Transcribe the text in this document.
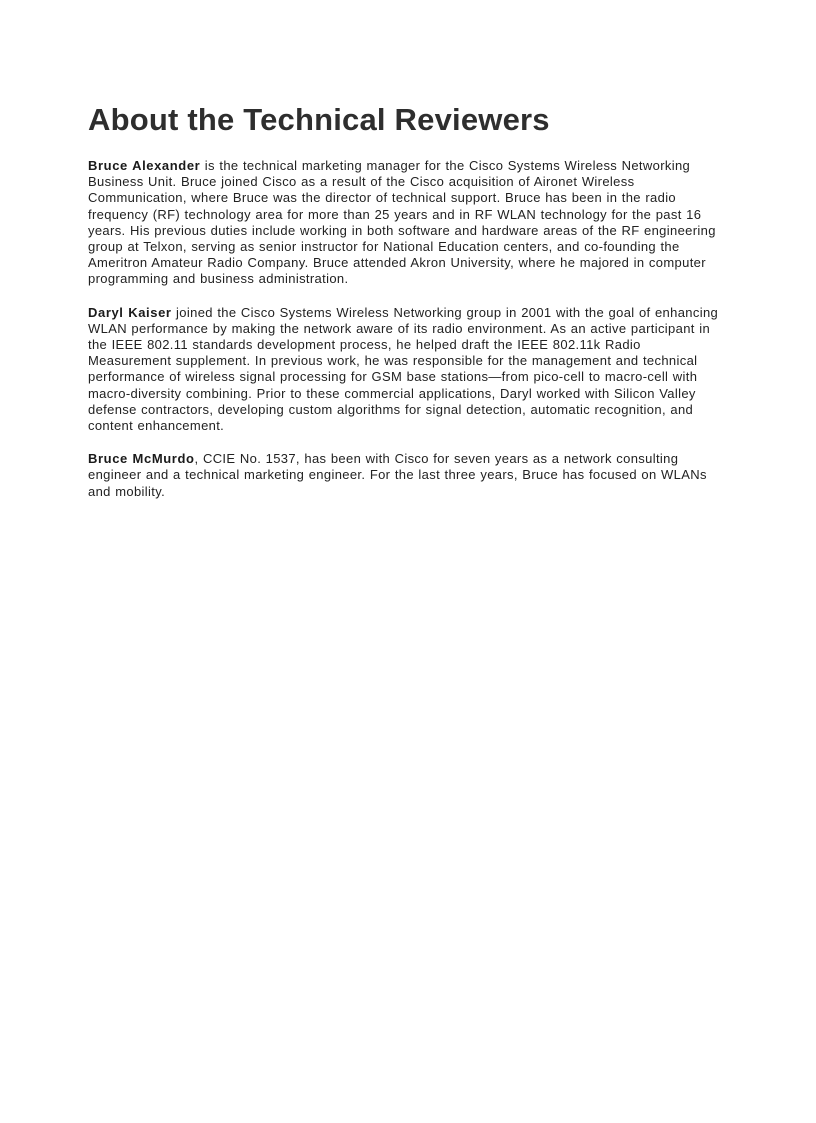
About the Technical Reviewers

Bruce Alexander is the technical marketing manager for the Cisco Systems Wireless Networking Business Unit. Bruce joined Cisco as a result of the Cisco acquisition of Aironet Wireless Communication, where Bruce was the director of technical support. Bruce has been in the radio frequency (RF) technology area for more than 25 years and in RF WLAN technology for the past 16 years. His previous duties include working in both software and hardware areas of the RF engineering group at Telxon, serving as senior instructor for National Education centers, and co-founding the Ameritron Amateur Radio Company. Bruce attended Akron University, where he majored in computer programming and business administration.

Daryl Kaiser joined the Cisco Systems Wireless Networking group in 2001 with the goal of enhancing WLAN performance by making the network aware of its radio environment. As an active participant in the IEEE 802.11 standards development process, he helped draft the IEEE 802.11k Radio Measurement supplement. In previous work, he was responsible for the management and technical performance of wireless signal processing for GSM base stations—from pico-cell to macro-cell with macro-diversity combining. Prior to these commercial applications, Daryl worked with Silicon Valley defense contractors, developing custom algorithms for signal detection, automatic recognition, and content enhancement.

Bruce McMurdo, CCIE No. 1537, has been with Cisco for seven years as a network consulting engineer and a technical marketing engineer. For the last three years, Bruce has focused on WLANs and mobility.
